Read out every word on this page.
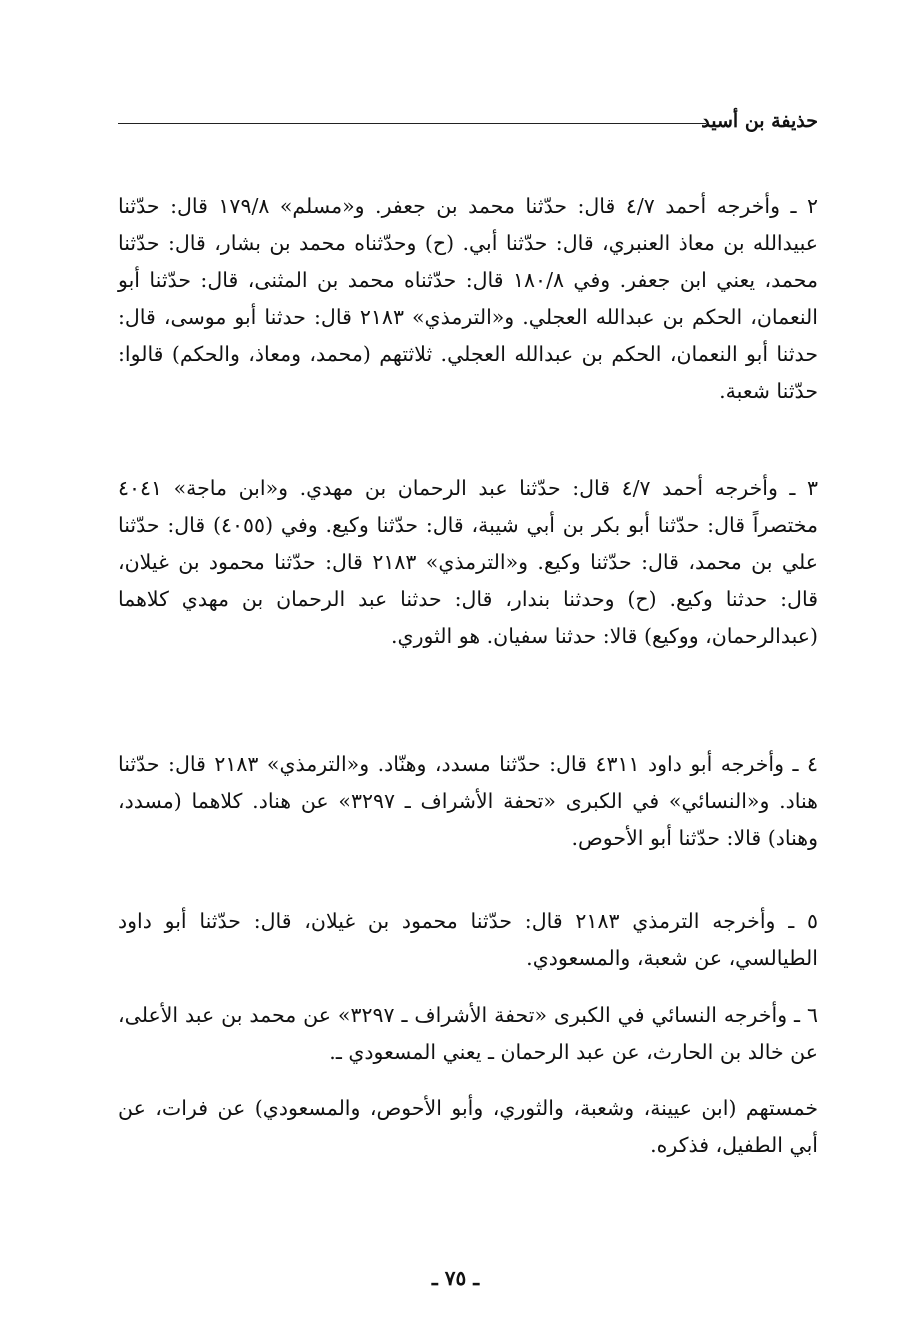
حذيفة بن أسيد
٢ ـ وأخرجه أحمد ٤/٧ قال: حدّثنا محمد بن جعفر. و«مسلم» ١٧٩/٨ قال: حدّثنا عبيدالله بن معاذ العنبري، قال: حدّثنا أبي. (ح) وحدّثناه محمد بن بشار، قال: حدّثنا محمد، يعني ابن جعفر. وفي ١٨٠/٨ قال: حدّثناه محمد بن المثنى، قال: حدّثنا أبو النعمان، الحكم بن عبدالله العجلي. و«الترمذي» ٢١٨٣ قال: حدثنا أبو موسى، قال: حدثنا أبو النعمان، الحكم بن عبدالله العجلي. ثلاثتهم (محمد، ومعاذ، والحكم) قالوا: حدّثنا شعبة.
٣ ـ وأخرجه أحمد ٤/٧ قال: حدّثنا عبد الرحمان بن مهدي. و«ابن ماجة» ٤٠٤١ مختصراً قال: حدّثنا أبو بكر بن أبي شيبة، قال: حدّثنا وكيع. وفي (٤٠٥٥) قال: حدّثنا علي بن محمد، قال: حدّثنا وكيع. و«الترمذي» ٢١٨٣ قال: حدّثنا محمود بن غيلان، قال: حدثنا وكيع. (ح) وحدثنا بندار، قال: حدثنا عبد الرحمان بن مهدي كلاهما (عبدالرحمان، ووكيع) قالا: حدثنا سفيان. هو الثوري.
٤ ـ وأخرجه أبو داود ٤٣١١ قال: حدّثنا مسدد، وهنّاد. و«الترمذي» ٢١٨٣ قال: حدّثنا هناد. و«النسائي» في الكبرى «تحفة الأشراف ـ ٣٢٩٧» عن هناد. كلاهما (مسدد، وهناد) قالا: حدّثنا أبو الأحوص.
٥ ـ وأخرجه الترمذي ٢١٨٣ قال: حدّثنا محمود بن غيلان، قال: حدّثنا أبو داود الطيالسي، عن شعبة، والمسعودي.
٦ ـ وأخرجه النسائي في الكبرى «تحفة الأشراف ـ ٣٢٩٧» عن محمد بن عبد الأعلى، عن خالد بن الحارث، عن عبد الرحمان ـ يعني المسعودي ـ.
خمستهم (ابن عيينة، وشعبة، والثوري، وأبو الأحوص، والمسعودي) عن فرات، عن أبي الطفيل، فذكره.
ـ ٧٥ ـ
